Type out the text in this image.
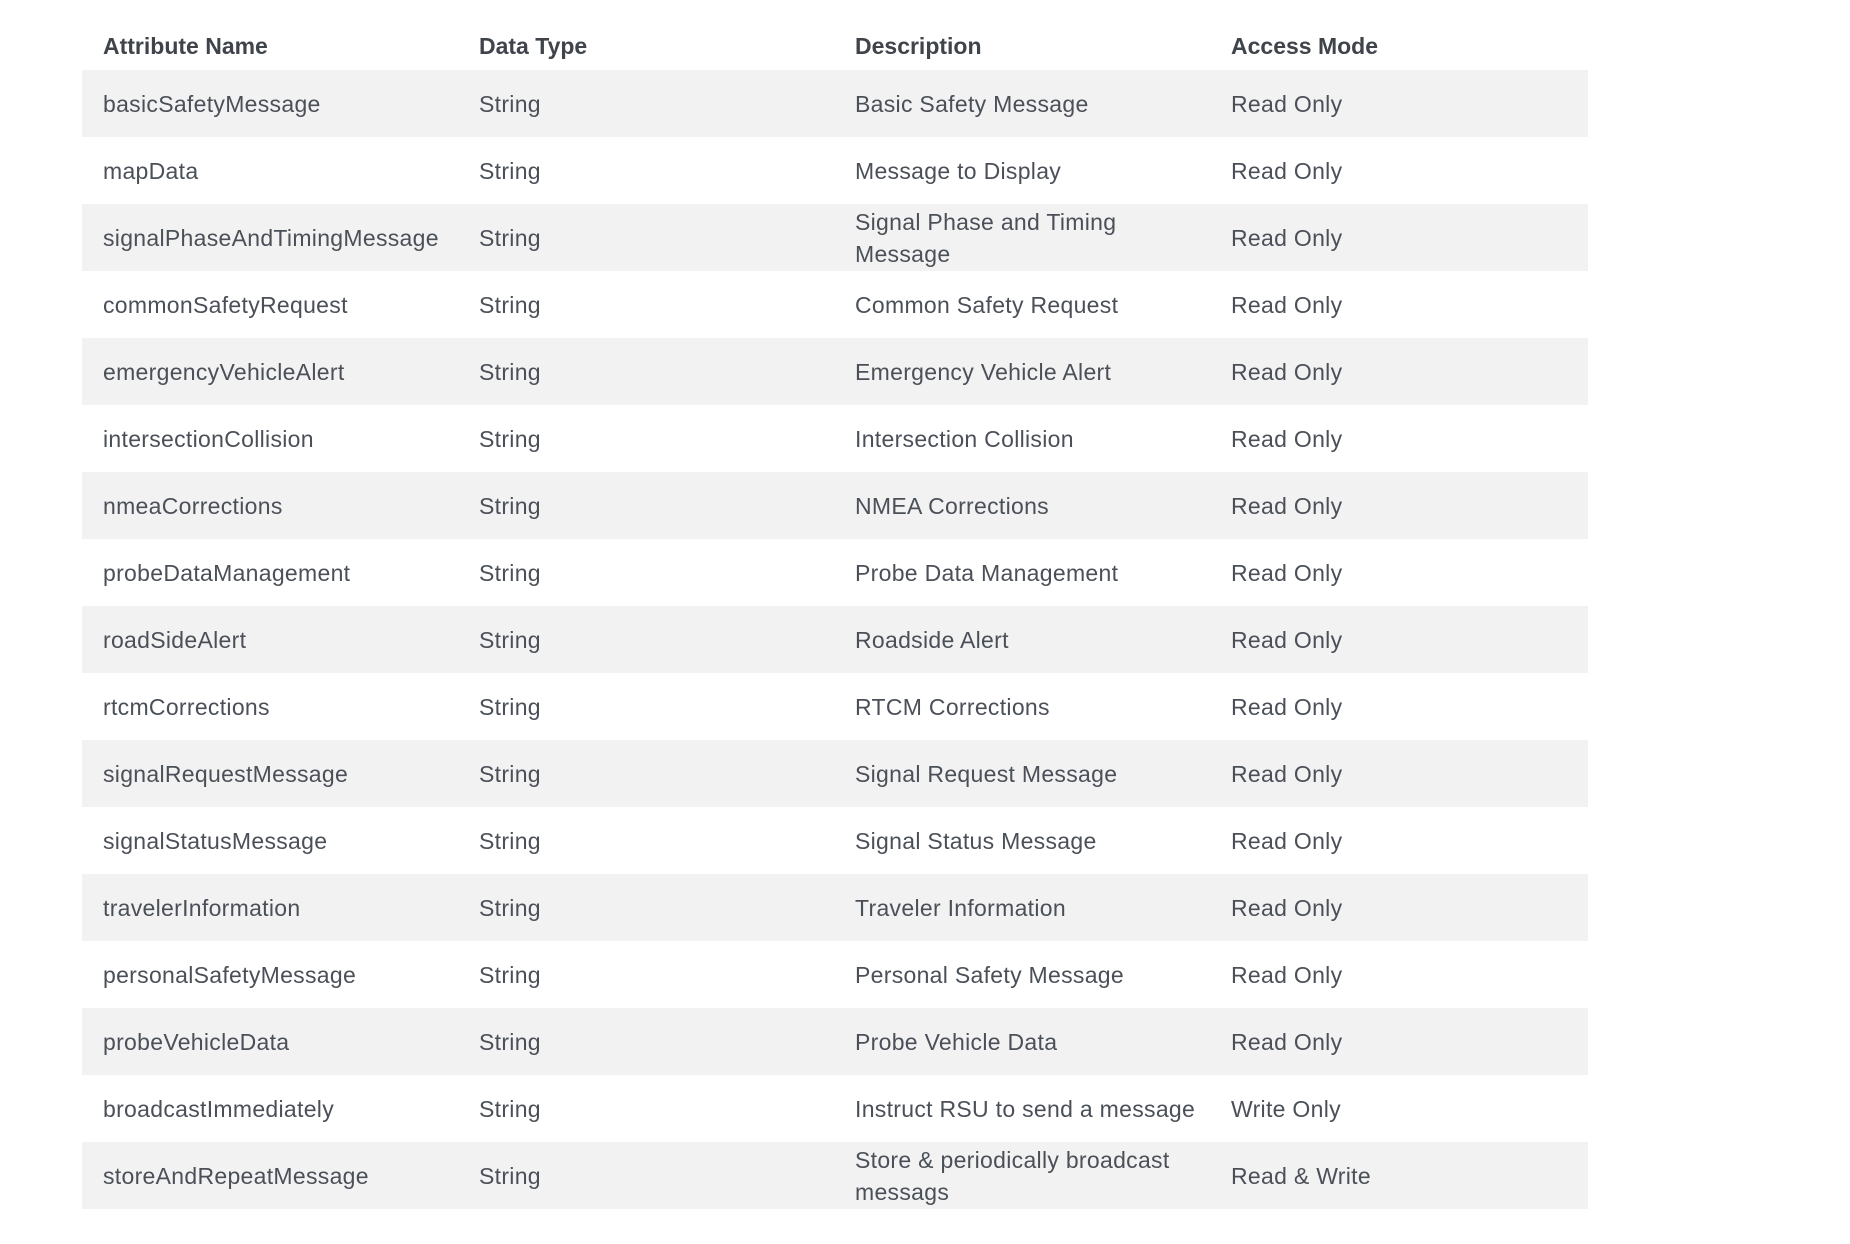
Attribute Name	Data Type	Description	Access Mode
basicSafetyMessage	String	Basic Safety Message	Read Only
mapData	String	Message to Display	Read Only
signalPhaseAndTimingMessage	String	Signal Phase and Timing Message	Read Only
commonSafetyRequest	String	Common Safety Request	Read Only
emergencyVehicleAlert	String	Emergency Vehicle Alert	Read Only
intersectionCollision	String	Intersection Collision	Read Only
nmeaCorrections	String	NMEA Corrections	Read Only
probeDataManagement	String	Probe Data Management	Read Only
roadSideAlert	String	Roadside Alert	Read Only
rtcmCorrections	String	RTCM Corrections	Read Only
signalRequestMessage	String	Signal Request Message	Read Only
signalStatusMessage	String	Signal Status Message	Read Only
travelerInformation	String	Traveler Information	Read Only
personalSafetyMessage	String	Personal Safety Message	Read Only
probeVehicleData	String	Probe Vehicle Data	Read Only
broadcastImmediately	String	Instruct RSU to send a message	Write Only
storeAndRepeatMessage	String	Store & periodically broadcast messags	Read & Write
